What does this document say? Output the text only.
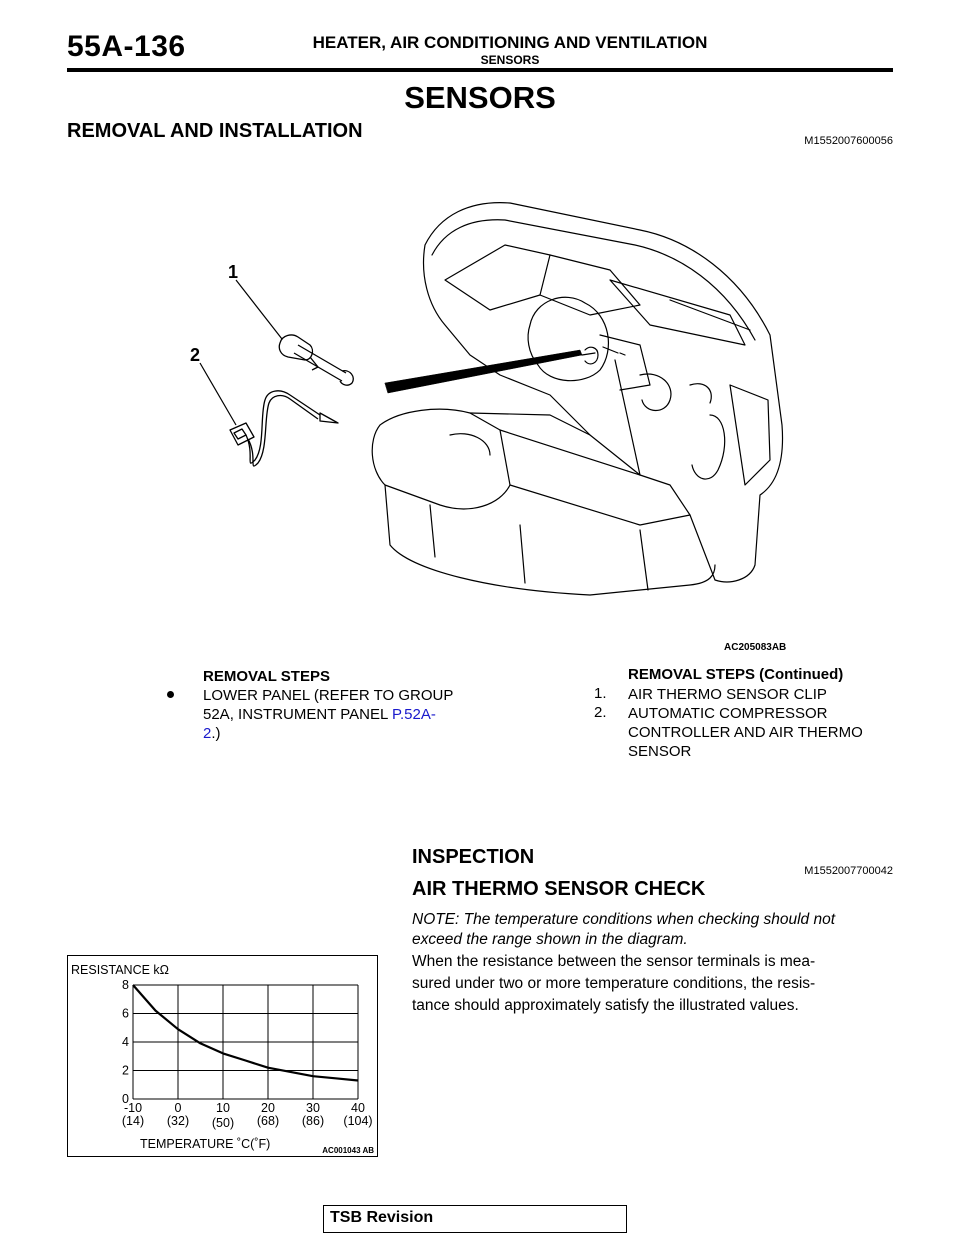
55A-136	HEATER, AIR CONDITIONING AND VENTILATION
SENSORS
SENSORS
REMOVAL AND INSTALLATION	M1552007600056
1
2
AC205083AB
REMOVAL STEPS
LOWER PANEL (REFER TO GROUP 52A, INSTRUMENT PANEL P.52A-
2.)
REMOVAL STEPS (Continued)
1. AIR THERMO SENSOR CLIP
2. AUTOMATIC COMPRESSOR
CONTROLLER AND AIR THERMO
SENSOR
INSPECTION
M1552007700042
AIR THERMO SENSOR CHECK
NOTE: The temperature conditions when checking should not
exceed the range shown in the diagram.
When the resistance between the sensor terminals is mea-
sured under two or more temperature conditions, the resis-
tance should approximately satisfy the illustrated values.
RESISTANCE kΩ
0
2
4
6
8
-10
(14)
0
(32)
10
(50)
20
(68)
30
(86)
40
(104)
TEMPERATURE ˚C(˚F)	AC001043 AB
TSB Revision
